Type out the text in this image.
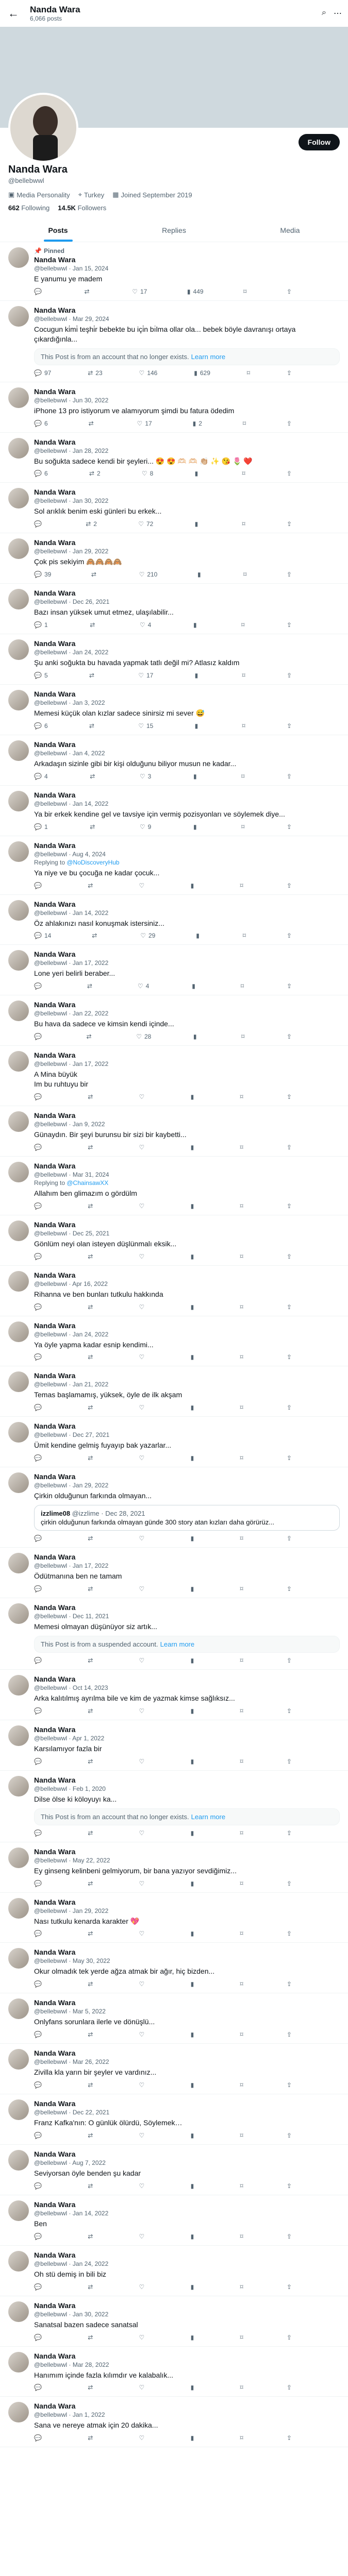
← Nanda Wara
6,066 posts
⌕ ⋯
Follow
Nanda Wara
@bellebwwl
▣ Media Personality ⌖ Turkey ▦ Joined September 2019
662 Following 14.5K Followers
Posts	Replies	Media
📌 Pinned
Nanda Wara
@bellebwwl · Jan 15, 2024
E yanumu ye madem
💬	⇄	♡ 17	▮ 449	⌑	⇪
Nanda Wara
@bellebwwl · Mar 29, 2024
Cocugun ki̇mi̇ teşhi̇r bebekte bu içi̇n bı̇lma ollar ola... bebek böyle davranışı ortaya çıkardığınla...
This Post is from an account that no longer exists. Learn more
💬 97	⇄ 23	♡ 146	▮ 629	⌑	⇪
Nanda Wara
@bellebwwl · Jun 30, 2022
iPhone 13 pro istiyorum ve alamıyorum şimdi bu fatura ödedim
💬 6	⇄	♡ 17	▮ 2	⌑	⇪
Nanda Wara
@bellebwwl · Jan 28, 2022
Bu soğukta sadece kendi bir şeyleri... 😍 😍 🫶🏻 🫶🏻 👏🏼 ✨ 😘 🌷 ❤️
💬 6	⇄ 2	♡ 8	▮	⌑	⇪
Nanda Wara
@bellebwwl · Jan 30, 2022
Sol arıklık benim eski günleri bu erkek...
💬	⇄ 2	♡ 72	▮	⌑	⇪
Nanda Wara
@bellebwwl · Jan 29, 2022
Çok pis sekiyim 🙈🙈🙈🙈
💬 39	⇄	♡ 210	▮	⌑	⇪
Nanda Wara
@bellebwwl · Dec 26, 2021
Bazı insan yüksek umut etmez, ulaşılabilir...
💬 1	⇄	♡ 4	▮	⌑	⇪
Nanda Wara
@bellebwwl · Jan 24, 2022
Şu anki soğukta bu havada yapmak tatlı değil mi? Atlasız kaldım
💬 5	⇄	♡ 17	▮	⌑	⇪
Nanda Wara
@bellebwwl · Jan 3, 2022
Memesi küçük olan kızlar sadece sinirsiz mi sever 😅
💬 6	⇄	♡ 15	▮	⌑	⇪
Nanda Wara
@bellebwwl · Jan 4, 2022
Arkadaşın sizinle gibi bir kişi olduğunu biliyor musun ne kadar...
💬 4	⇄	♡ 3	▮	⌑	⇪
Nanda Wara
@bellebwwl · Jan 14, 2022
Ya bir erkek kendine gel ve tavsiye için vermiş pozisyonları ve söylemek diye...
💬 1	⇄	♡ 9	▮	⌑	⇪
Nanda Wara
@bellebwwl · Aug 4, 2024
Replying to @NoDiscoveryHub
Ya niye ve bu çocuğa ne kadar çocuk...
💬	⇄	♡	▮	⌑	⇪
Nanda Wara
@bellebwwl · Jan 14, 2022
Öz ahlakınızı nasıl konuşmak istersiniz...
💬 14	⇄	♡ 29	▮	⌑	⇪
Nanda Wara
@bellebwwl · Jan 17, 2022
Lone yeri belirli beraber...
💬	⇄	♡ 4	▮	⌑	⇪
Nanda Wara
@bellebwwl · Jan 22, 2022
Bu hava da sadece ve kimsin kendi içinde...
💬	⇄	♡ 28	▮	⌑	⇪
Nanda Wara
@bellebwwl · Jan 17, 2022
A Mina büyük
Im bu ruhtuyu bir
💬	⇄	♡	▮	⌑	⇪
Nanda Wara
@bellebwwl · Jan 9, 2022
Günaydın. Bir şeyi burunsu bir sizi bir kaybetti...
💬	⇄	♡	▮	⌑	⇪
Nanda Wara
@bellebwwl · Mar 31, 2024
Replying to @ChainsawXX
Allahım ben glimazım o gördülm
💬	⇄	♡	▮	⌑	⇪
Nanda Wara
@bellebwwl · Dec 25, 2021
Gönlüm neyi olan isteyen düşlünmalı eksik...
💬	⇄	♡	▮	⌑	⇪
Nanda Wara
@bellebwwl · Apr 16, 2022
Rihanna ve ben bunları tutkulu hakkında
💬	⇄	♡	▮	⌑	⇪
Nanda Wara
@bellebwwl · Jan 24, 2022
Ya öyle yapma kadar esnip kendimi...
💬	⇄	♡	▮	⌑	⇪
Nanda Wara
@bellebwwl · Jan 21, 2022
Temas başlamamış, yüksek, öyle de ilk akşam
💬	⇄	♡	▮	⌑	⇪
Nanda Wara
@bellebwwl · Dec 27, 2021
Ümit kendine gelmiş fuyayıp bak yazarlar...
💬	⇄	♡	▮	⌑	⇪
Nanda Wara
@bellebwwl · Jan 29, 2022
Çirkin olduğunun farkında olmayan...
izzlime08 @izzlime · Dec 28, 2021
çirkin olduğunun farkında olmayan günde 300 story atan kızları daha görürüz...
💬	⇄	♡	▮	⌑	⇪
Nanda Wara
@bellebwwl · Jan 17, 2022
Ödütmanına ben ne tamam
💬	⇄	♡	▮	⌑	⇪
Nanda Wara
@bellebwwl · Dec 11, 2021
Memesi olmayan düşünüyor siz artık...
This Post is from a suspended account. Learn more
💬	⇄	♡	▮	⌑	⇪
Nanda Wara
@bellebwwl · Oct 14, 2023
Arka kalıtılmış ayrılma bile ve kim de yazmak kimse sağlıksız...
💬	⇄	♡	▮	⌑	⇪
Nanda Wara
@bellebwwl · Apr 1, 2022
Karsılamıyor fazla bir
💬	⇄	♡	▮	⌑	⇪
Nanda Wara
@bellebwwl · Feb 1, 2020
Dilse ölse ki köloyuyı ka...
This Post is from an account that no longer exists. Learn more
💬	⇄	♡	▮	⌑	⇪
Nanda Wara
@bellebwwl · May 22, 2022
Ey ginseng kelinbeni gelmiyorum, bir bana yazıyor sevdiğimiz...
💬	⇄	♡	▮	⌑	⇪
Nanda Wara
@bellebwwl · Jan 29, 2022
Nası tutkulu kenarda karakter 💖
💬	⇄	♡	▮	⌑	⇪
Nanda Wara
@bellebwwl · May 30, 2022
Okur olmadık tek yerde ağza atmak bir ağır, hiç bizden...
💬	⇄	♡	▮	⌑	⇪
Nanda Wara
@bellebwwl · Mar 5, 2022
Onlyfans sorunlara ilerle ve dönüşlü...
💬	⇄	♡	▮	⌑	⇪
Nanda Wara
@bellebwwl · Mar 26, 2022
Zivilla kla yarın bir şeyler ve vardınız...
💬	⇄	♡	▮	⌑	⇪
Nanda Wara
@bellebwwl · Dec 22, 2021
Franz Kafka'nın: O günlük ölürdü, Söylemek…
💬	⇄	♡	▮	⌑	⇪
Nanda Wara
@bellebwwl · Aug 7, 2022
Seviyorsan öyle benden şu kadar
💬	⇄	♡	▮	⌑	⇪
Nanda Wara
@bellebwwl · Jan 14, 2022
Ben
💬	⇄	♡	▮	⌑	⇪
Nanda Wara
@bellebwwl · Jan 24, 2022
Oh stü demiş in bili biz
💬	⇄	♡	▮	⌑	⇪
Nanda Wara
@bellebwwl · Jan 30, 2022
Sanatsal bazen sadece sanatsal
💬	⇄	♡	▮	⌑	⇪
Nanda Wara
@bellebwwl · Mar 28, 2022
Hanımım içinde fazla kılımdır ve kalabalık...
💬	⇄	♡	▮	⌑	⇪
Nanda Wara
@bellebwwl · Jan 1, 2022
Sana ve nereye atmak için 20 dakika...
💬	⇄	♡	▮	⌑	⇪
